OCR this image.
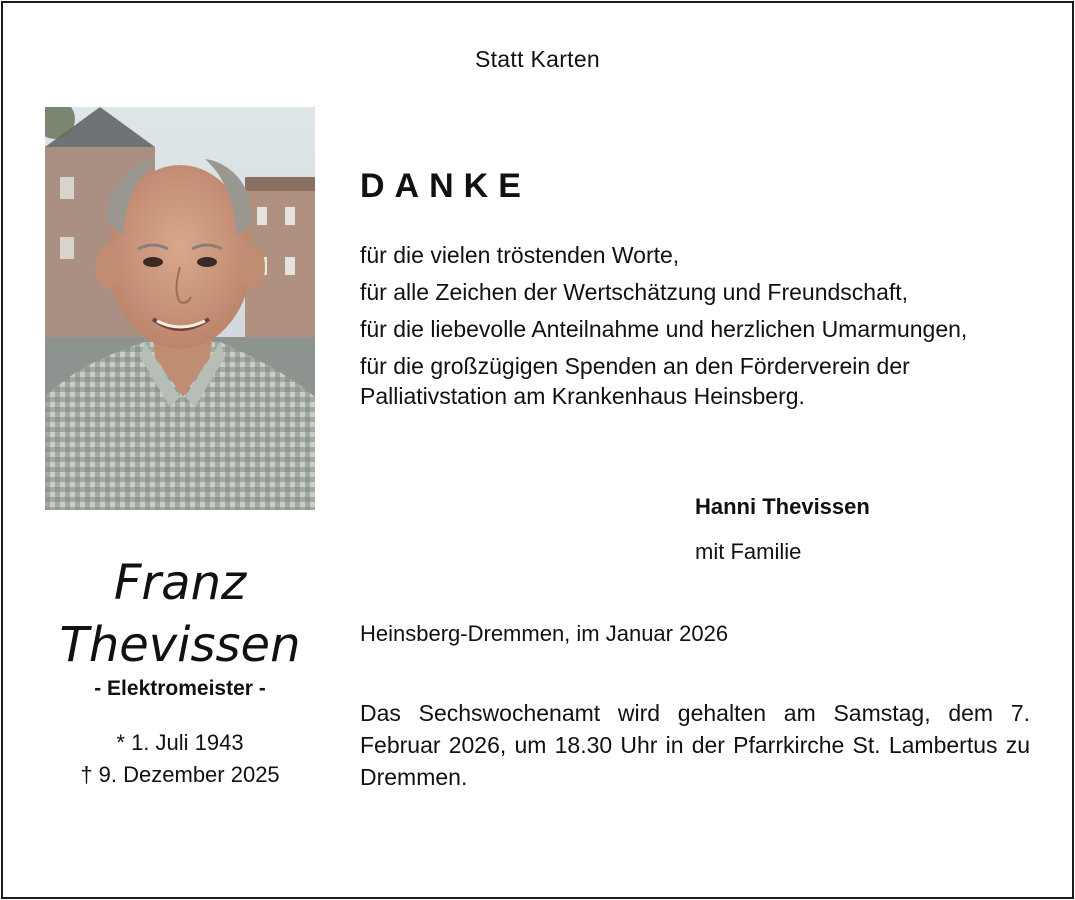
Statt Karten
Franz
Thevissen
- Elektromeister -
* 1. Juli 1943
† 9. Dezember 2025
DANKE
für die vielen tröstenden Worte,
für alle Zeichen der Wertschätzung und Freundschaft,
für die liebevolle Anteilnahme und herzlichen Umarmungen,
für die großzügigen Spenden an den Förderverein der Palliativstation am Krankenhaus Heinsberg.
Hanni Thevissen
mit Familie
Heinsberg-Dremmen, im Januar 2026
Das Sechswochenamt wird gehalten am Samstag, dem 7. Februar 2026, um 18.30 Uhr in der Pfarrkirche St. Lambertus zu Dremmen.
